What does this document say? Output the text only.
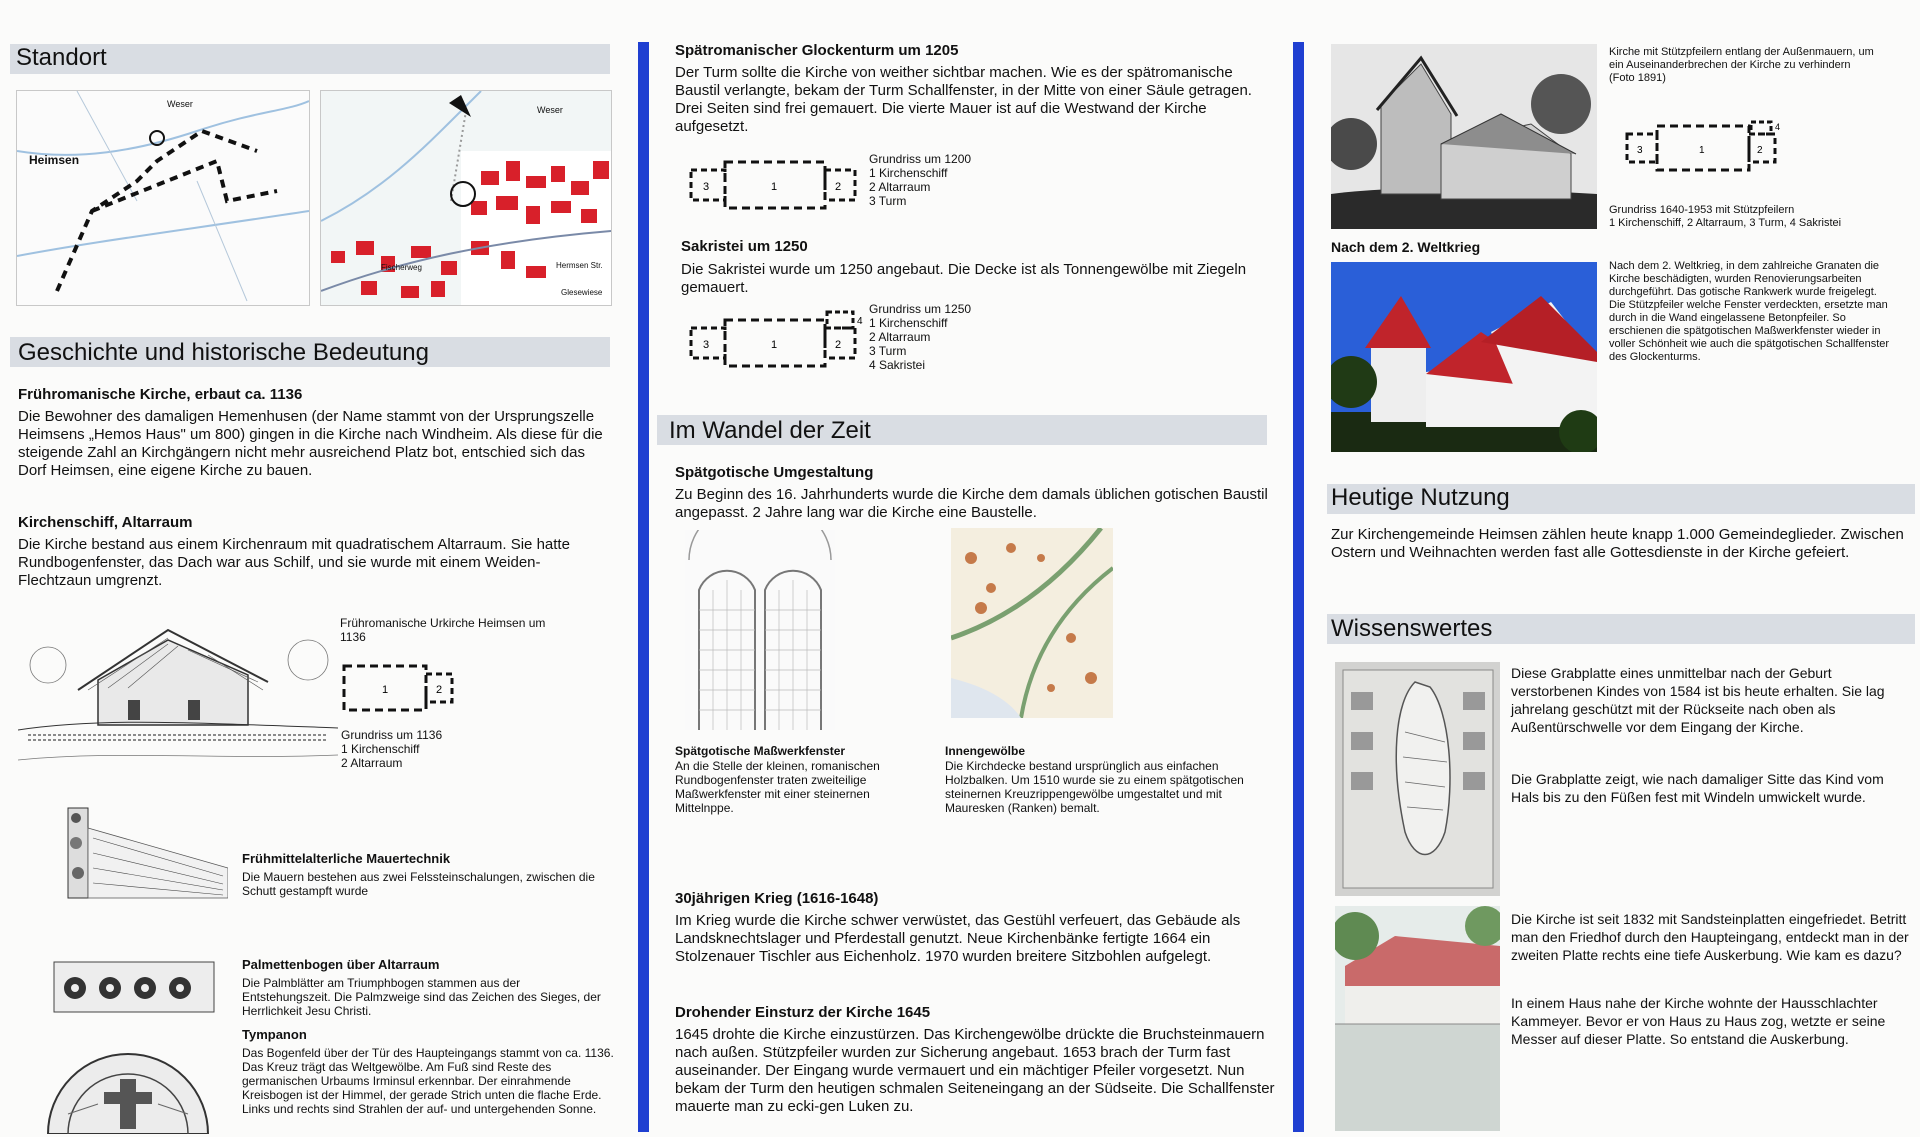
Standort
Heimsen
Weser
Weser
Fischerweg	Hermsen Str.
Glesewiese
Geschichte und historische Bedeutung
Frühromanische Kirche, erbaut ca. 1136
Die Bewohner des damaligen Hemenhusen (der Name stammt von der Ursprungszelle Heimsens „Hemos Haus" um 800) gingen in die Kirche nach Windheim. Als diese für die steigende Zahl an Kirchgängern nicht mehr ausreichend Platz bot, entschied sich das Dorf Heimsen, eine eigene Kirche zu bauen.
Kirchenschiff, Altarraum
Die Kirche bestand aus einem Kirchenraum mit quadratischem Altarraum. Sie hatte Rundbogenfenster, das Dach war aus Schilf, und sie wurde mit einem Weiden-Flechtzaun umgrenzt.
Frühromanische Urkirche Heimsen um 1136
1	2
Grundriss um 1136
1 Kirchenschiff
2 Altarraum
Frühmittelalterliche Mauertechnik
Die Mauern bestehen aus zwei Felssteinschalungen, zwischen die Schutt gestampft wurde
Palmettenbogen über Altarraum
Die Palmblätter am Triumphbogen stammen aus der Entstehungszeit. Die Palmzweige sind das Zeichen des Sieges, der Herrlichkeit Jesu Christi.
Tympanon
Das Bogenfeld über der Tür des Haupteingangs stammt von ca. 1136. Das Kreuz trägt das Weltgewölbe. Am Fuß sind Reste des germanischen Urbaums Irminsul erkennbar. Der einrahmende Kreisbogen ist der Himmel, der gerade Strich unten die flache Erde. Links und rechts sind Strahlen der auf- und untergehenden Sonne.
Spätromanischer Glockenturm um 1205
Der Turm sollte die Kirche von weither sichtbar machen. Wie es der spätromanische Baustil verlangte, bekam der Turm Schallfenster, in der Mitte von einer Säule getragen. Drei Seiten sind frei gemauert. Die vierte Mauer ist auf die Westwand der Kirche aufgesetzt.
3	1	2
Grundriss um 1200
1 Kirchenschiff
2 Altarraum
3 Turm
Sakristei um 1250
Die Sakristei wurde um 1250 angebaut. Die Decke ist als Tonnengewölbe mit Ziegeln gemauert.
3	1	2
4
Grundriss um 1250
1 Kirchenschiff
2 Altarraum
3 Turm
4 Sakristei
Im Wandel der Zeit
Spätgotische Umgestaltung
Zu Beginn des 16. Jahrhunderts wurde die Kirche dem damals üblichen gotischen Baustil angepasst. 2 Jahre lang war die Kirche eine Baustelle.
Spätgotische Maßwerkfenster
An die Stelle der kleinen, romanischen Rundbogenfenster traten zweiteilige Maßwerkfenster mit einer steinernen Mittelnppe.
Innengewölbe
Die Kirchdecke bestand ursprünglich aus einfachen Holzbalken. Um 1510 wurde sie zu einem spätgotischen steinernen Kreuzrippengewölbe umgestaltet und mit Mauresken (Ranken) bemalt.
30jährigen Krieg (1616-1648)
Im Krieg wurde die Kirche schwer verwüstet, das Gestühl verfeuert, das Gebäude als Landsknechtslager und Pferdestall genutzt. Neue Kirchenbänke fertigte 1664 ein Stolzenauer Tischler aus Eichenholz. 1970 wurden breitere Sitzbohlen aufgelegt.
Drohender Einsturz der Kirche 1645
1645 drohte die Kirche einzustürzen. Das Kirchengewölbe drückte die Bruchsteinmauern nach außen. Stützpfeiler wurden zur Sicherung angebaut. 1653 brach der Turm fast auseinander. Der Eingang wurde vermauert und ein mächtiger Pfeiler vorgesetzt. Nun bekam der Turm den heutigen schmalen Seiteneingang an der Südseite. Die Schallfenster mauerte man zu ecki-gen Luken zu.
Kirche mit Stützpfeilern entlang der Außenmauern, um ein Auseinanderbrechen der Kirche zu verhindern (Foto 1891)
3	1	2
4
Grundriss 1640-1953 mit Stützpfeilern
1 Kirchenschiff, 2 Altarraum, 3 Turm, 4 Sakristei
Nach dem 2. Weltkrieg
Nach dem 2. Weltkrieg, in dem zahlreiche Granaten die Kirche beschädigten, wurden Renovierungsarbeiten durchgeführt. Das gotische Rankwerk wurde freigelegt. Die Stützpfeiler welche Fenster verdeckten, ersetzte man durch in die Wand eingelassene Betonpfeiler. So erschienen die spätgotischen Maßwerkfenster wieder in voller Schönheit wie auch die spätgotischen Schallfenster des Glockenturms.
Heutige Nutzung
Zur Kirchengemeinde Heimsen zählen heute knapp 1.000 Gemeindeglieder. Zwischen Ostern und Weihnachten werden fast alle Gottesdienste in der Kirche gefeiert.
Wissenswertes
Diese Grabplatte eines unmittelbar nach der Geburt verstorbenen Kindes von 1584 ist bis heute erhalten. Sie lag jahrelang geschützt mit der Rückseite nach oben als Außentürschwelle vor dem Eingang der Kirche.
Die Grabplatte zeigt, wie nach damaliger Sitte das Kind vom Hals bis zu den Füßen fest mit Windeln umwickelt wurde.
Die Kirche ist seit 1832 mit Sandsteinplatten eingefriedet. Betritt man den Friedhof durch den Haupteingang, entdeckt man in der zweiten Platte rechts eine tiefe Auskerbung. Wie kam es dazu?
In einem Haus nahe der Kirche wohnte der Hausschlachter Kammeyer. Bevor er von Haus zu Haus zog, wetzte er seine Messer auf dieser Platte. So entstand die Auskerbung.
